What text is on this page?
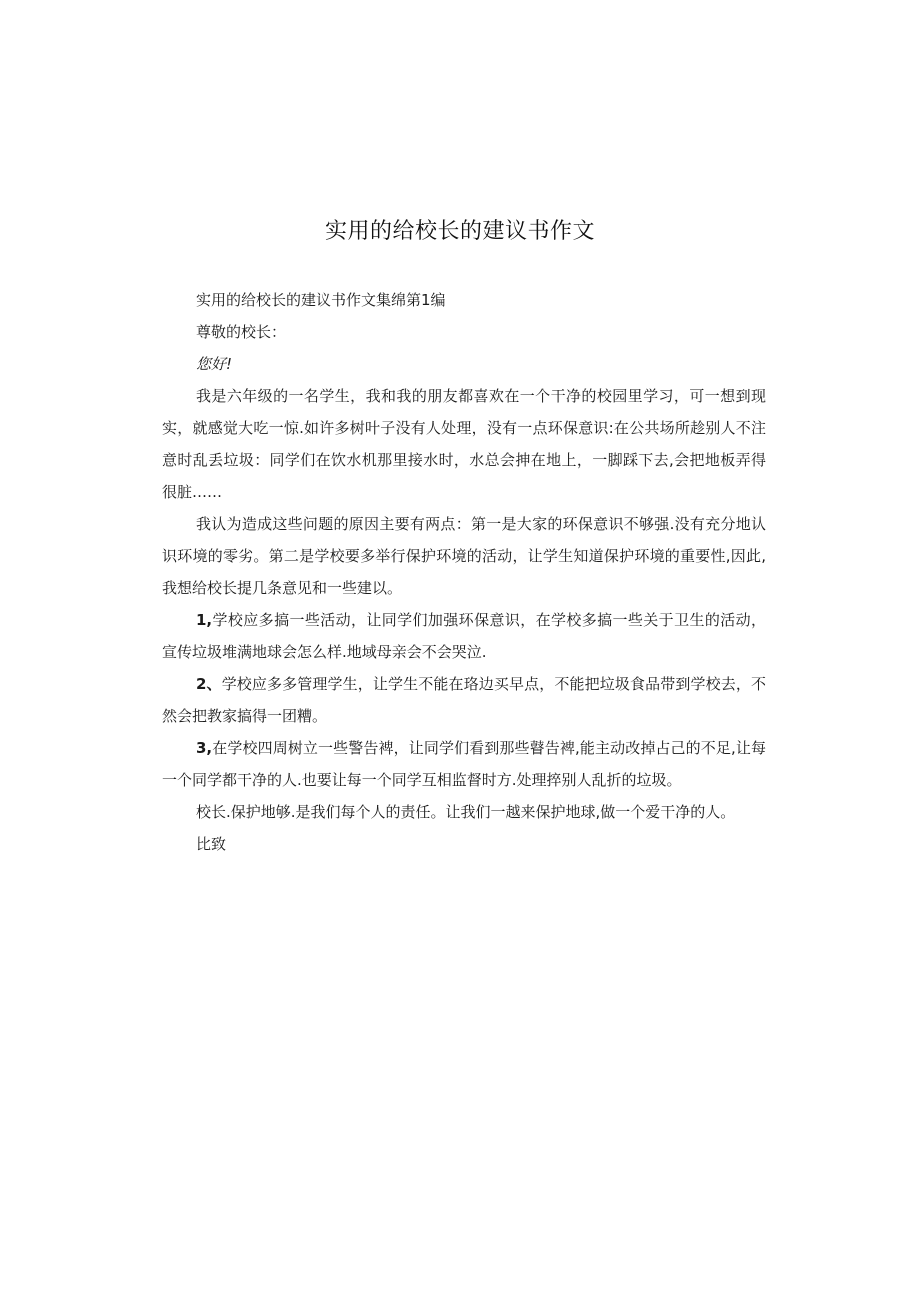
实用的给校长的建议书作文

实用的给校长的建议书作文集绵第1编

尊敬的校长：

您好!

我是六年级的一名学生，我和我的朋友都喜欢在一个干净的校园里学习，可一想到现实，就感觉大吃一惊.如许多树叶子没有人处理，没有一点环保意识:在公共场所趁别人不注意时乱丢垃圾：同学们在饮水机那里接水时，水总会抻在地上，一脚踩下去,会把地板弄得很脏……

我认为造成这些问题的原因主要有两点：第一是大家的环保意识不够强.没有充分地认识环境的零劣。第二是学校要多举行保护环境的活动，让学生知道保护环境的重要性,因此,我想给校长提几条意见和一些建以。

1,学校应多搞一些活动，让同学们加强环保意识，在学校多搞一些关于卫生的活动，宣传垃圾堆满地球会怎么样.地域母亲会不会哭泣.

2、学校应多多管理学生，让学生不能在珞边买早点，不能把垃圾食品带到学校去，不然会把教家搞得一团糟。

3,在学校四周树立一些警告裨，让同学们看到那些瞽告裨,能主动改掉占己的不足,让每一个同学都干净的人.也要让每一个同学互相监督时方.处理捽别人乱折的垃圾。

校长.保护地够.是我们每个人的责任。让我们一越来保护地球,做一个爱干净的人。

比致
